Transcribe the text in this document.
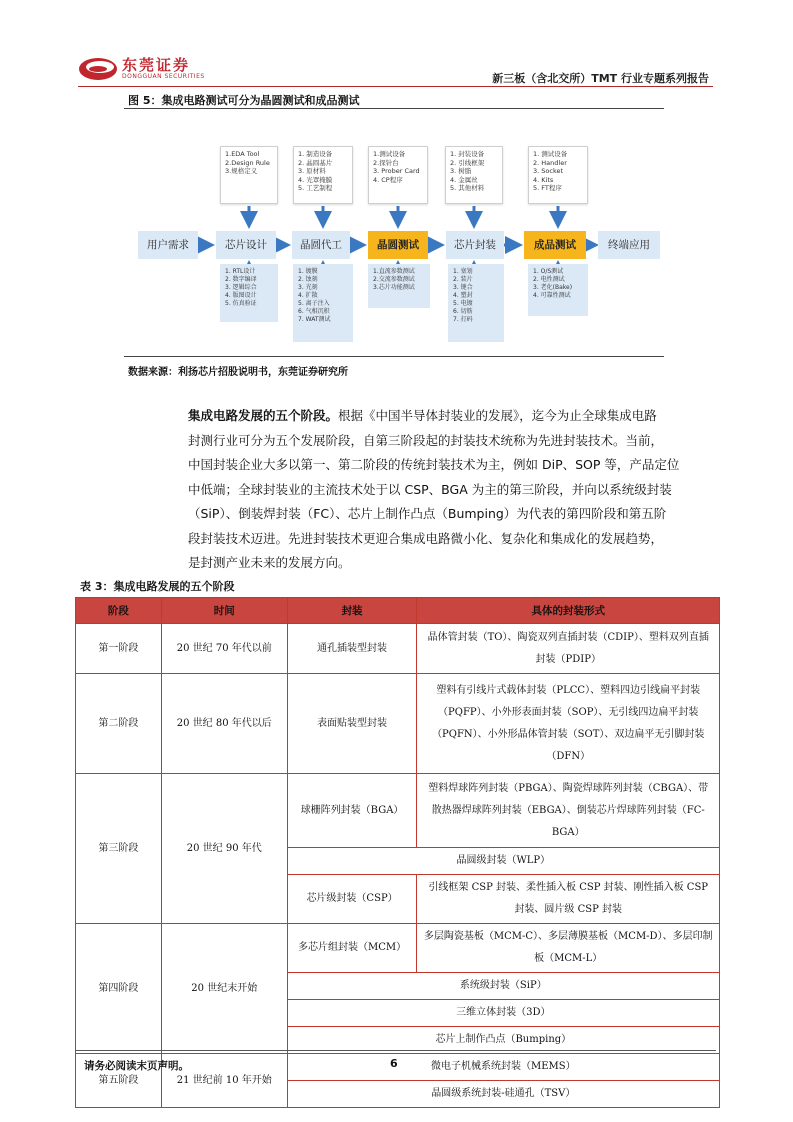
东莞证券
DONGGUAN SECURITIES	新三板（含北交所）TMT 行业专题系列报告
图 5：集成电路测试可分为晶圆测试和成品测试
1.EDA Tool
2.Design Rule
3.规格定义
1. 制造设备
2. 晶圆基片
3. 原材料
4. 光罩掩膜
5. 工艺制程
1.测试设备
2.探针台
3. Prober Card
4. CP程序
1. 封装设备
2. 引线框架
3. 树脂
4. 金属丝
5. 其他材料
1. 测试设备
2. Handler
3. Socket
4. Kits
5. FT程序
用户需求	芯片设计	晶圆代工	晶圆测试	芯片封装	成品测试	终端应用
1. RTL设计
2. 数字编译
3. 逻辑综合
4. 版图设计
5. 仿真验证
1. 镀膜
2. 蚀刻
3. 光刻
4. 扩散
5. 离子注入
6. 气相沉积
7. WAT测试
1.直流参数测试
2.交流参数测试
3.芯片功能测试
1. 塞划
2. 装片
3. 键合
4. 塑封
5. 电镀
6. 切筋
7. 打码
1. O/S测试
2. 电性测试
3. 老化(Bake)
4. 可靠性测试
数据来源：利扬芯片招股说明书，东莞证券研究所
集成电路发展的五个阶段。根据《中国半导体封装业的发展》，迄今为止全球集成电路
封测行业可分为五个发展阶段，自第三阶段起的封装技术统称为先进封装技术。当前，
中国封装企业大多以第一、第二阶段的传统封装技术为主，例如 DiP、SOP 等，产品定位
中低端；全球封装业的主流技术处于以 CSP、BGA 为主的第三阶段，并向以系统级封装
（SiP）、倒装焊封装（FC）、芯片上制作凸点（Bumping）为代表的第四阶段和第五阶
段封装技术迈进。先进封装技术更迎合集成电路微小化、复杂化和集成化的发展趋势，
是封测产业未来的发展方向。
表 3：集成电路发展的五个阶段
阶段	时间	封装	具体的封装形式
第一阶段	20 世纪 70 年代以前	通孔插装型封装	晶体管封装（TO）、陶瓷双列直插封装（CDIP）、塑料双列直插封装（PDIP）
第二阶段	20 世纪 80 年代以后	表面贴装型封装	塑料有引线片式载体封装（PLCC）、塑料四边引线扁平封装（PQFP）、小外形表面封装（SOP）、无引线四边扁平封装（PQFN）、小外形晶体管封装（SOT）、双边扁平无引脚封装（DFN）
第三阶段	20 世纪 90 年代	球栅阵列封装（BGA）	塑料焊球阵列封装（PBGA）、陶瓷焊球阵列封装（CBGA）、带散热器焊球阵列封装（EBGA）、倒装芯片焊球阵列封装（FC-BGA）
		晶圆级封装（WLP）	
		芯片级封装（CSP）	引线框架 CSP 封装、柔性插入板 CSP 封装、刚性插入板 CSP 封装、圆片级 CSP 封装
第四阶段	20 世纪末开始	多芯片组封装（MCM）	多层陶瓷基板（MCM-C）、多层薄膜基板（MCM-D）、多层印制板（MCM-L）
		系统级封装（SiP）	
		三维立体封装（3D）	
		芯片上制作凸点（Bumping）	
第五阶段	21 世纪前 10 年开始	微电子机械系统封装（MEMS）	
		晶圆级系统封装-硅通孔（TSV）	
请务必阅读末页声明。	6
